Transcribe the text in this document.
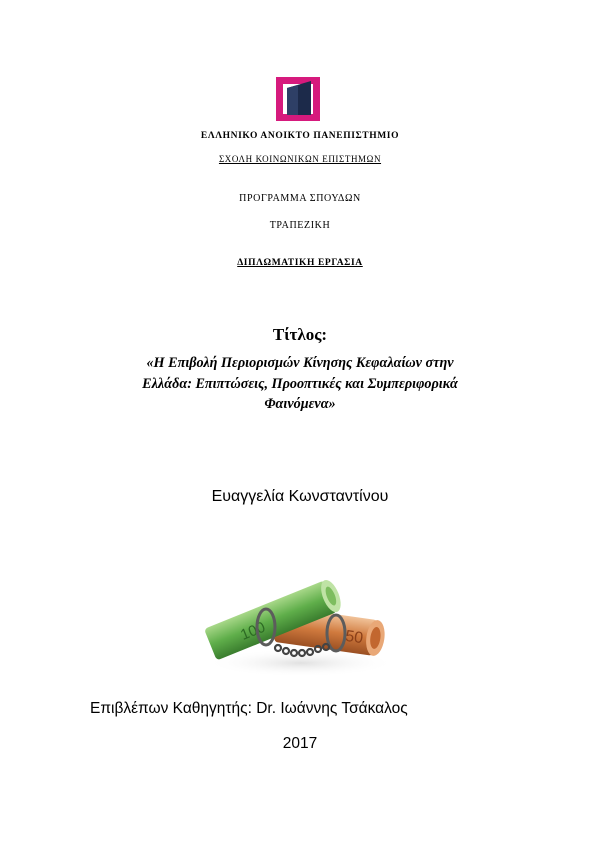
ΕΛΛΗΝΙΚΟ ΑΝΟΙΚΤΟ ΠΑΝΕΠΙΣΤΗΜΙΟ
ΣΧΟΛΗ ΚΟΙΝΩΝΙΚΩΝ ΕΠΙΣΤΗΜΩΝ
ΠΡΟΓΡΑΜΜΑ ΣΠΟΥΔΩΝ
ΤΡΑΠΕΖΙΚΗ
ΔΙΠΛΩΜΑΤΙΚΗ ΕΡΓΑΣΙΑ
Τίτλος:
«Η Επιβολή Περιορισμών Κίνησης Κεφαλαίων στην
Ελλάδα: Επιπτώσεις, Προοπτικές και Συμπεριφορικά
Φαινόμενα»
Ευαγγελία Κωνσταντίνου
50
100
Επιβλέπων Καθηγητής: Dr. Ιωάννης Τσάκαλος
2017
